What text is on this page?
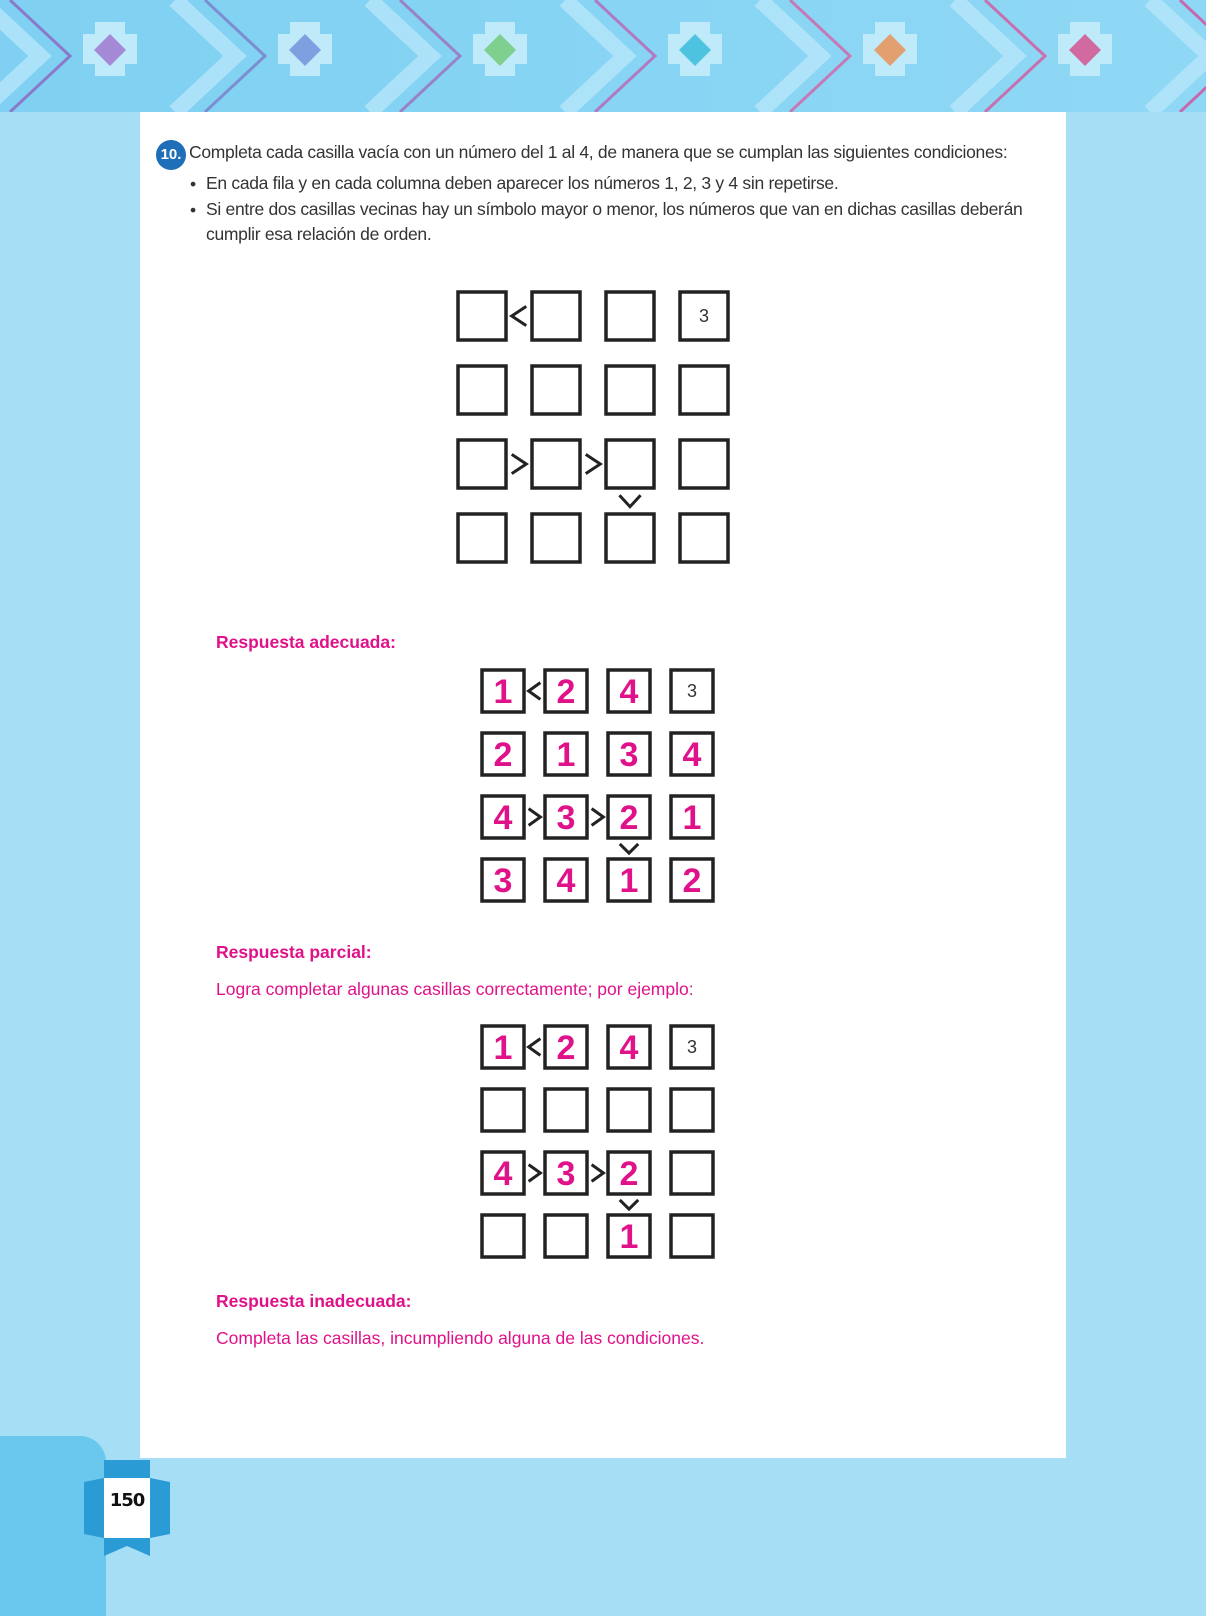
150
10. Completa cada casilla vacía con un número del 1 al 4, de manera que se cumplan las siguientes condiciones:
• En cada fila y en cada columna deben aparecer los números 1, 2, 3 y 4 sin repetirse.
• Si entre dos casillas vecinas hay un símbolo mayor o menor, los números que van en dichas casillas deberán cumplir esa relación de orden.
3
Respuesta adecuada:
1 2 4	3
2 1 3 4
4 3 2 1
3 4 1 2
Respuesta parcial:
Logra completar algunas casillas correctamente; por ejemplo:
1 2 4	3
4 3 2
1
Respuesta inadecuada:
Completa las casillas, incumpliendo alguna de las condiciones.
